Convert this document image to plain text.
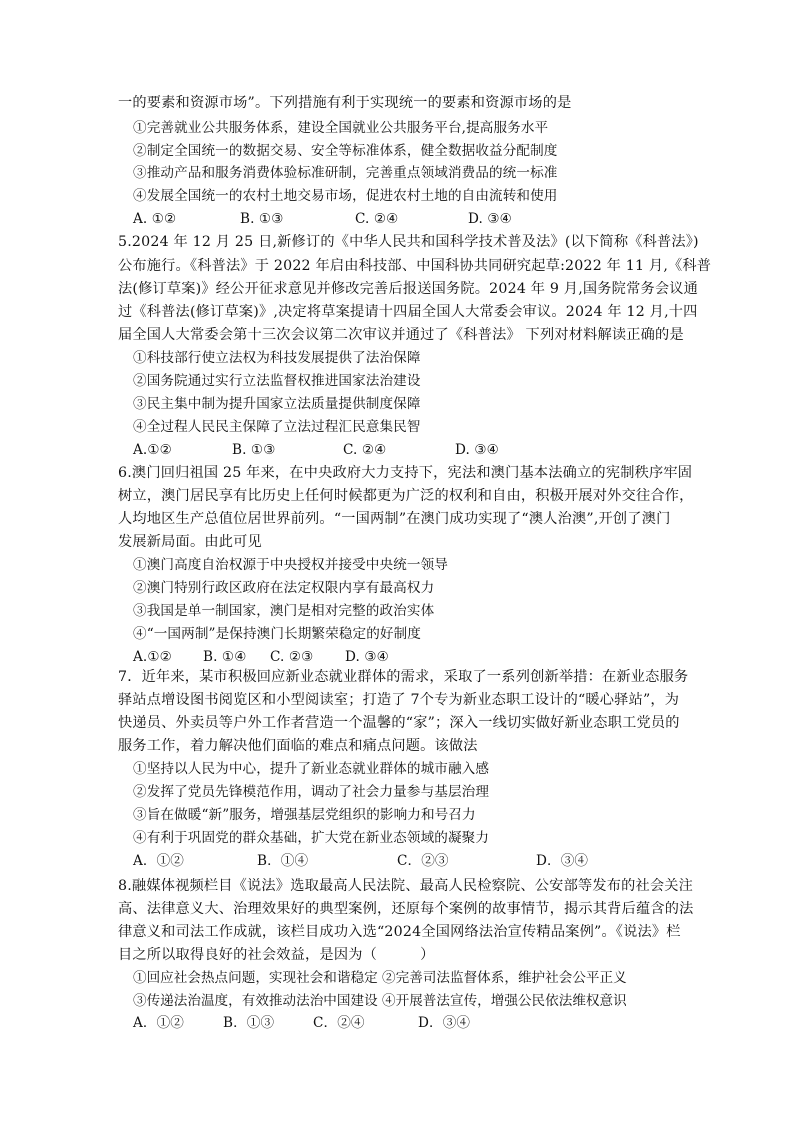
一的要素和资源市场”。下列措施有利于实现统一的要素和资源市场的是
①完善就业公共服务体系，建设全国就业公共服务平台,提高服务水平
②制定全国统一的数据交易、安全等标准体系，健全数据收益分配制度
③推动产品和服务消费体验标准研制，完善重点领域消费品的统一标准
④发展全国统一的农村土地交易市场，促进农村土地的自由流转和使用
A. ①②	B. ①③	C. ②④	D. ③④
5.2024 年 12 月 25 日,新修订的《中华人民共和国科学技术普及法》(以下简称《科普法》)
公布施行。《科普法》于 2022 年启由科技部、中国科协共同研究起草:2022 年 11 月,《科普
法(修订草案)》经公开征求意见并修改完善后报送国务院。2024 年 9 月,国务院常务会议通
过《科普法(修订草案)》,决定将草案提请十四届全国人大常委会审议。2024 年 12 月,十四
届全国人大常委会第十三次会议第二次审议并通过了《科普法》 下列对材料解读正确的是
①科技部行使立法权为科技发展提供了法治保障
②国务院通过实行立法监督权推进国家法治建设
③民主集中制为提升国家立法质量提供制度保障
④全过程人民民主保障了立法过程汇民意集民智
A.①②	B. ①③	C. ②④	D. ③④
6.澳门回归祖国 25 年来，在中央政府大力支持下，宪法和澳门基本法确立的宪制秩序牢固
树立，澳门居民享有比历史上任何时候都更为广泛的权利和自由，积极开展对外交往合作，
人均地区生产总值位居世界前列。“一国两制”在澳门成功实现了“澳人治澳”,开创了澳门
发展新局面。由此可见
①澳门高度自治权源于中央授权并接受中央统一领导
②澳门特别行政区政府在法定权限内享有最高权力
③我国是单一制国家，澳门是相对完整的政治实体
④“一国两制”是保持澳门长期繁荣稳定的好制度
A.①② B. ①④ C. ②③ D. ③④
7．近年来，某市积极回应新业态就业群体的需求，采取了一系列创新举措：在新业态服务
驿站点增设图书阅览区和小型阅读室；打造了 7个专为新业态职工设计的“暖心驿站”，为
快递员、外卖员等户外工作者营造一个温馨的“家”；深入一线切实做好新业态职工党员的
服务工作，着力解决他们面临的难点和痛点问题。该做法
①坚持以人民为中心，提升了新业态就业群体的城市融入感
②发挥了党员先锋模范作用，调动了社会力量参与基层治理
③旨在做暖“新”服务，增强基层党组织的影响力和号召力
④有利于巩固党的群众基础，扩大党在新业态领域的凝聚力
A．①②	B．①④	C．②③	D．③④
8.融媒体视频栏目《说法》选取最高人民法院、最高人民检察院、公安部等发布的社会关注
高、法律意义大、治理效果好的典型案例，还原每个案例的故事情节，揭示其背后蕴含的法
律意义和司法工作成就，该栏目成功入选“2024全国网络法治宣传精品案例”。《说法》栏
目之所以取得良好的社会效益，是因为（　　　）
①回应社会热点问题，实现社会和谐稳定 ②完善司法监督体系，维护社会公平正义
③传递法治温度，有效推动法治中国建设 ④开展普法宣传，增强公民依法维权意识
A．①②	B．①③	C．②④	D．③④
